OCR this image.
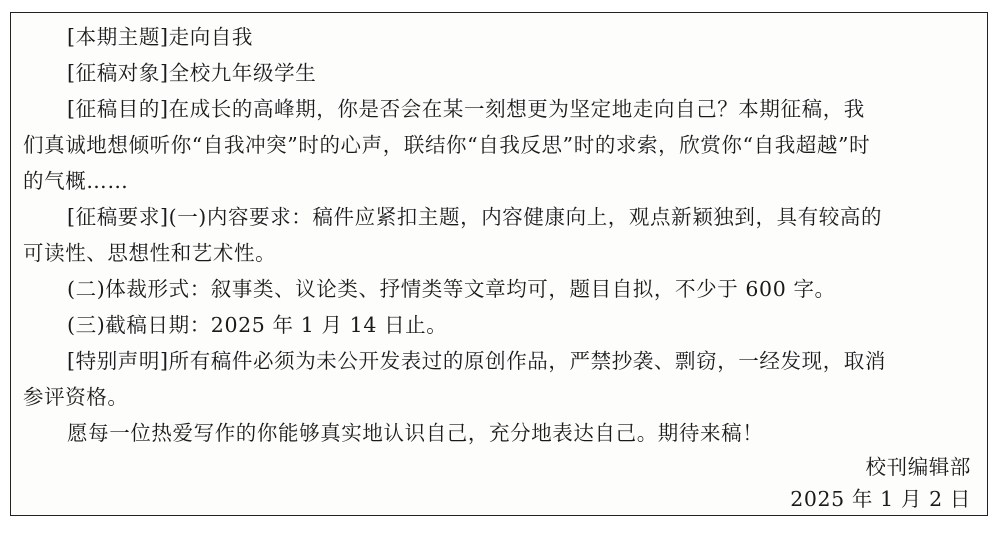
[本期主题]走向自我
[征稿对象]全校九年级学生
[征稿目的]在成长的高峰期，你是否会在某一刻想更为坚定地走向自己？本期征稿，我
们真诚地想倾听你“自我冲突”时的心声，联结你“自我反思”时的求索，欣赏你“自我超越”时
的气概……
[征稿要求](一)内容要求：稿件应紧扣主题，内容健康向上，观点新颖独到，具有较高的
可读性、思想性和艺术性。
(二)体裁形式：叙事类、议论类、抒情类等文章均可，题目自拟，不少于 600 字。
(三)截稿日期：2025 年 1 月 14 日止。
[特别声明]所有稿件必须为未公开发表过的原创作品，严禁抄袭、剽窃，一经发现，取消
参评资格。
愿每一位热爱写作的你能够真实地认识自己，充分地表达自己。期待来稿！
校刊编辑部
2025 年 1 月 2 日
